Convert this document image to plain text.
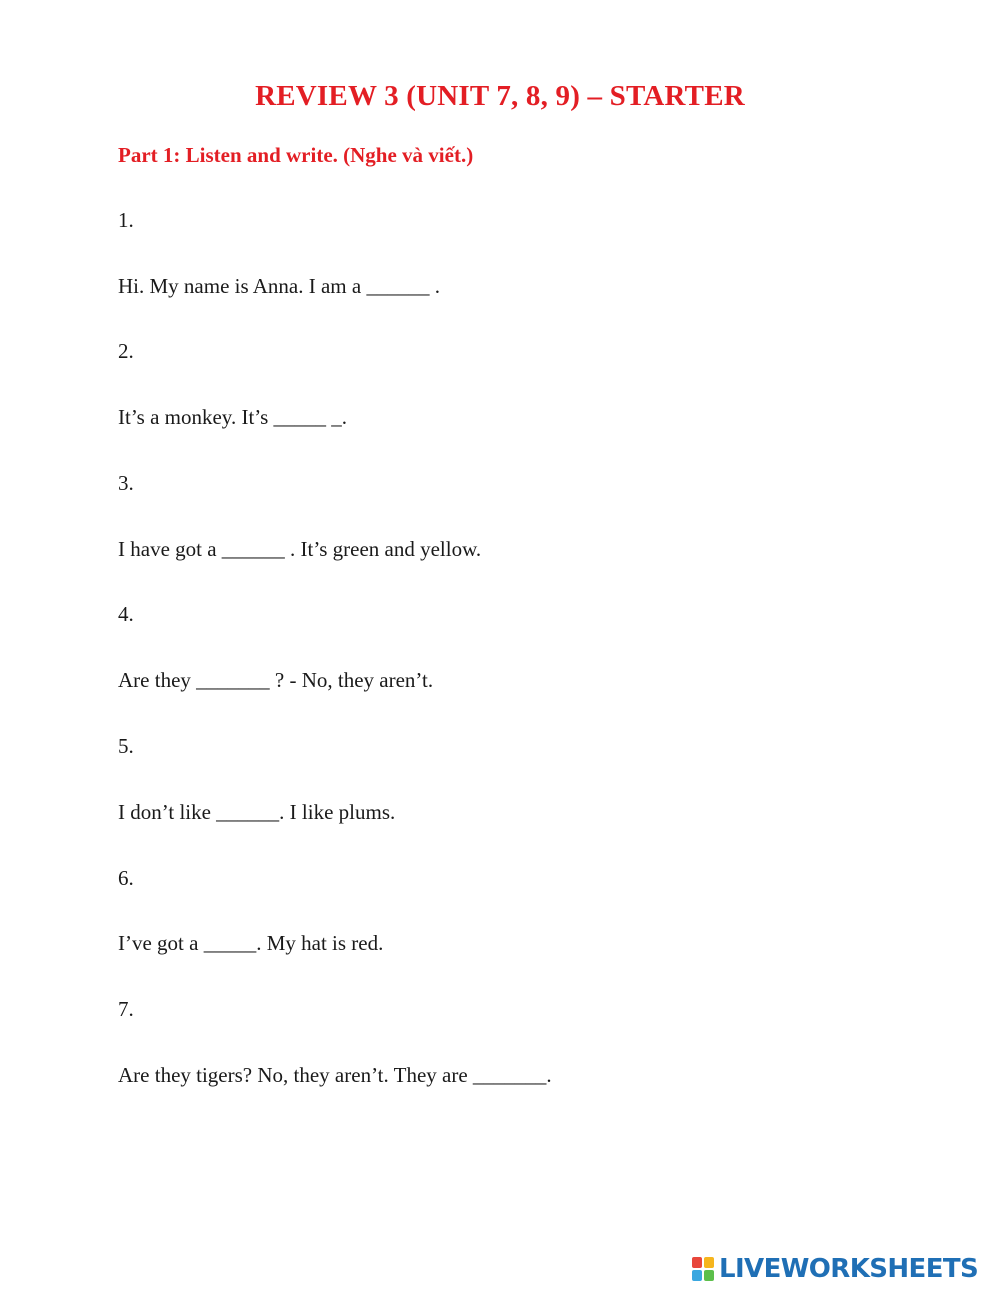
REVIEW 3 (UNIT 7, 8, 9) – STARTER
Part 1: Listen and write. (Nghe và viết.)
1.
Hi. My name is Anna. I am a ______ .
2.
It’s a monkey. It’s _____ _.
3.
I have got a ______ . It’s green and yellow.
4.
Are they _______ ? - No, they aren’t.
5.
I don’t like ______. I like plums.
6.
I’ve got a _____. My hat is red.
7.
Are they tigers? No, they aren’t. They are _______.
LIVEWORKSHEETS
